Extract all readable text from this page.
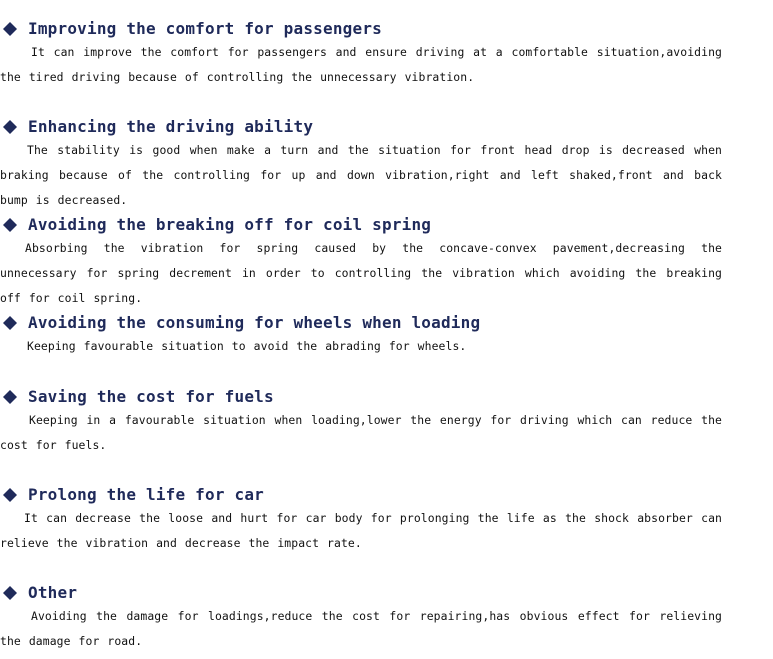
Improving the comfort for passengers
It can improve the comfort for passengers and ensure driving at a comfortable situation,avoiding the tired driving because of controlling the unnecessary vibration.
Enhancing the driving ability
The stability is good when make a turn and the situation for front head drop is decreased when braking because of the controlling for up and down vibration,right and left shaked,front and back bump is decreased.
Avoiding the breaking off for coil spring
Absorbing the vibration for spring caused by the concave-convex pavement,decreasing the unnecessary for spring decrement in order to controlling the vibration which avoiding the breaking off for coil spring.
Avoiding the consuming for wheels when loading
Keeping favourable situation to avoid the abrading for wheels.
Saving the cost for fuels
Keeping in a favourable situation when loading,lower the energy for driving which can reduce the cost for fuels.
Prolong the life for car
It can decrease the loose and hurt for car body for prolonging the life as the shock absorber can relieve the vibration and decrease the impact rate.
Other
Avoiding the damage for loadings,reduce the cost for repairing,has obvious effect for relieving the damage for road.
